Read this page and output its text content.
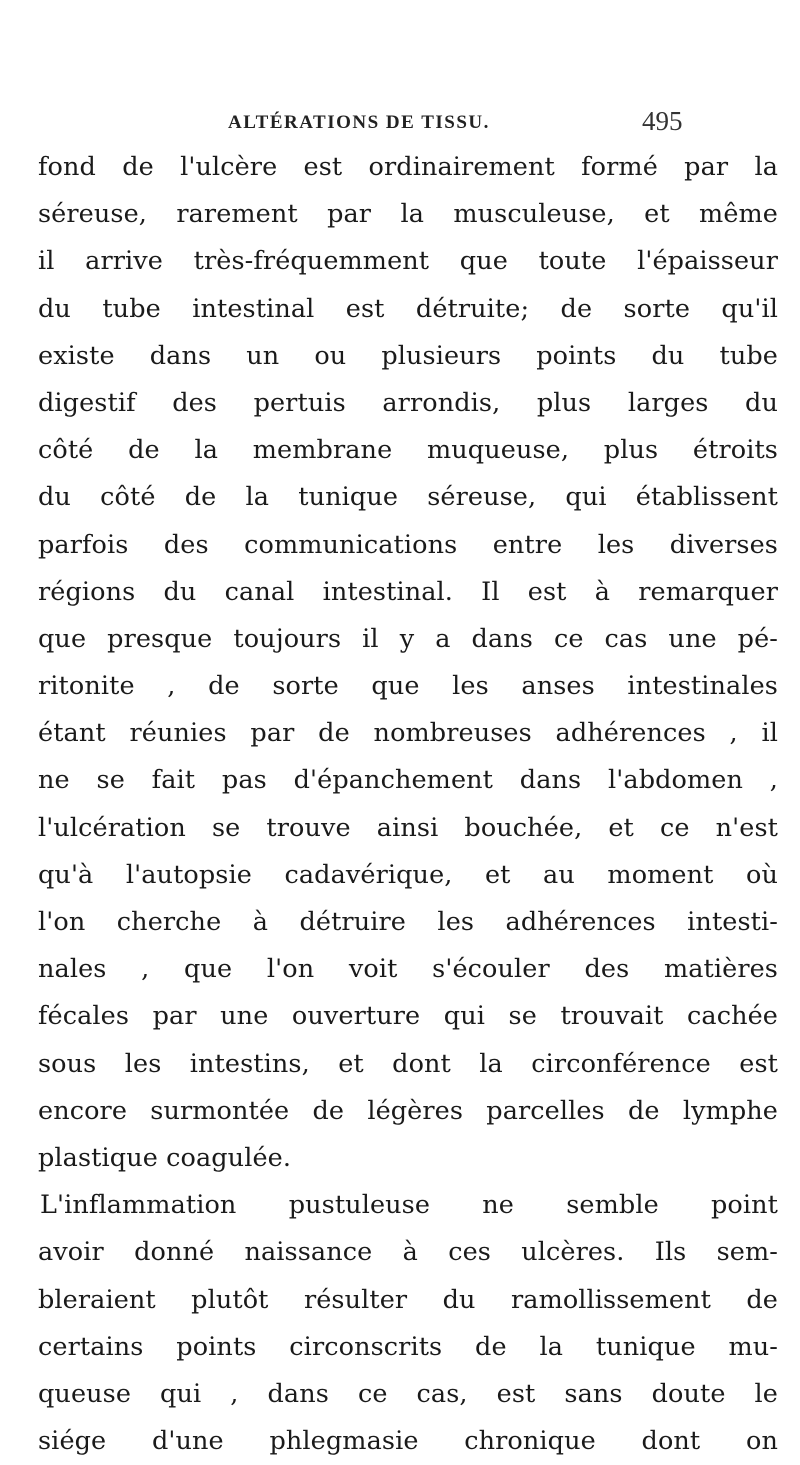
ALTÉRATIONS DE TISSU.	495
fond de l'ulcère est ordinairement formé par la
séreuse, rarement par la musculeuse, et même
il arrive très-fréquemment que toute l'épaisseur
du tube intestinal est détruite; de sorte qu'il
existe dans un ou plusieurs points du tube
digestif des pertuis arrondis, plus larges du
côté de la membrane muqueuse, plus étroits
du côté de la tunique séreuse, qui établissent
parfois des communications entre les diverses
régions du canal intestinal. Il est à remarquer
que presque toujours il y a dans ce cas une pé-
ritonite , de sorte que les anses intestinales
étant réunies par de nombreuses adhérences , il
ne se fait pas d'épanchement dans l'abdomen ,
l'ulcération se trouve ainsi bouchée, et ce n'est
qu'à l'autopsie cadavérique, et au moment où
l'on cherche à détruire les adhérences intesti-
nales , que l'on voit s'écouler des matières
fécales par une ouverture qui se trouvait cachée
sous les intestins, et dont la circonférence est
encore surmontée de légères parcelles de lymphe
plastique coagulée.
L'inflammation pustuleuse ne semble point
avoir donné naissance à ces ulcères. Ils sem-
bleraient plutôt résulter du ramollissement de
certains points circonscrits de la tunique mu-
queuse qui , dans ce cas, est sans doute le
siége d'une phlegmasie chronique dont on
